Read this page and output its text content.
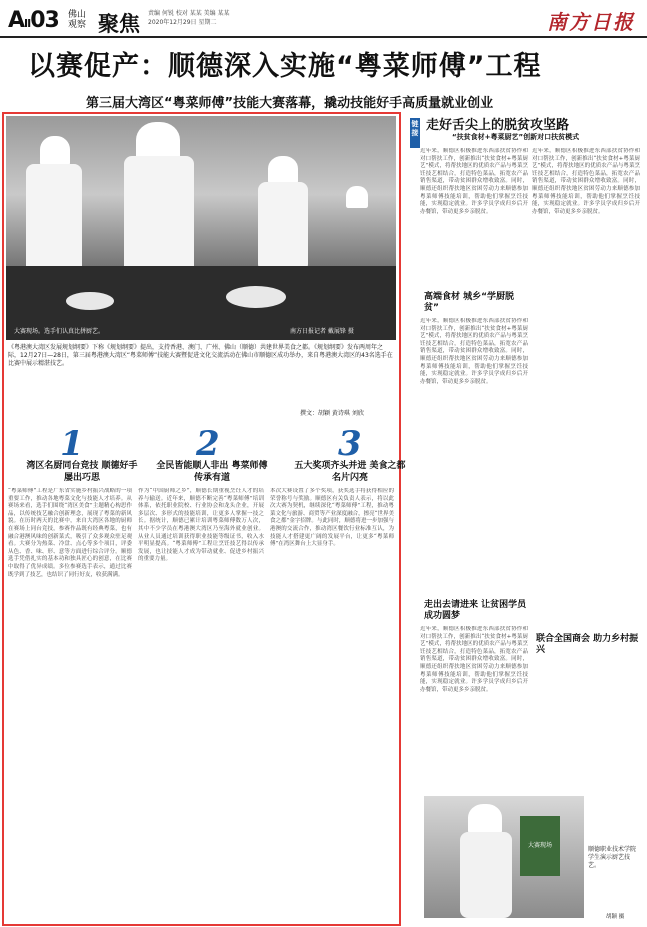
AII03 佛山观察 聚焦 责编 何锐 校对 某某 美编 某某
2020年12月29日 星期二	南方日报
以赛促产：顺德深入实施“粤菜师傅”工程
第三届大湾区“粤菜师傅”技能大赛落幕，撬动技能好手高质量就业创业
大赛现场。选手们认真比拼厨艺。	南方日报记者 戴展锋 摄
《粤港澳大湾区发展规划纲要》下称《规划纲要》提出，支持香港、澳门、广州、佛山（顺德）共建世界美食之都。《规划纲要》发布两周年之际，12月27日—28日，第三届粤港澳大湾区“粤菜师傅”技能大赛暨促进文化交流活动在佛山市顺德区成功举办，来自粤港澳大湾区的43名选手在比赛中展示精湛技艺。
撰文：胡颖 黄诗琪 刘欣
1
湾区名厨同台竞技 顺德好手屡出巧思
“粤菜师傅”工程是广东省实施乡村振兴战略的一项重要工作，推动各地粤菜文化与技能人才培养。从赛场来看，选手们围绕“湾区美食”主题精心构思作品，以传统技艺融合创新理念，展现了粤菜的新风貌。在历时两天的比赛中，来自大湾区各地的厨师在赛场上同台竞技，参赛作品既有经典粤菜，也有融合港澳风味的创新菜式，吸引了众多观众驻足观看。大赛分为热菜、冷盘、点心等多个项目，评委从色、香、味、形、意等方面进行综合评分。顺德选手凭借扎实的基本功和独具匠心的创意，在比赛中取得了优异成绩。多位参赛选手表示，通过比赛既学到了技艺，也结识了同行好友，收获满满。
2
全民皆能顺人非出 粤菜师傅传承有道
作为“中国厨师之乡”，顺德长期重视烹饪人才的培养与输送。近年来，顺德不断完善“粤菜师傅”培训体系，依托职业院校、行业协会和龙头企业，开展多层次、多形式的技能培训，让更多人掌握一技之长。据统计，顺德已累计培训粤菜师傅数万人次，其中不少学员在粤港澳大湾区乃至海外就业创业。从业人员通过培训获得职业技能等级证书，收入水平明显提高。“粤菜师傅”工程让烹饪技艺得以传承发展，也让技能人才成为带动就业、促进乡村振兴的重要力量。
3
五大奖项齐头并进 美食之都名片闪亮
本次大赛设置了多个奖项，获奖选手将获得相应的荣誉称号与奖励。顺德区有关负责人表示，将以此次大赛为契机，继续深化“粤菜师傅”工程，推动粤菜文化与旅游、商贸等产业深度融合，擦亮“世界美食之都”金字招牌。与此同时，顺德将进一步加强与港澳的交流合作，推动湾区餐饮行业标准互认，为技能人才搭建更广阔的发展平台，让更多“粤菜师傅”在湾区舞台上大显身手。
链接 走好舌尖上的脱贫攻坚路
“扶贫食材+粤菜厨艺”创新对口扶贫模式
近年来，顺德区积极推进东西部扶贫协作和对口帮扶工作，创新推出“扶贫食材+粤菜厨艺”模式，将帮扶地区的优质农产品与粤菜烹饪技艺相结合，打造特色菜品，拓宽农产品销售渠道，带动贫困群众增收致富。同时，顺德还组织帮扶地区贫困劳动力来顺德参加粤菜师傅技能培训，帮助他们掌握烹饪技能，实现稳定就业。许多学员学成归乡后开办餐馆，带动更多乡亲脱贫。
近年来，顺德区积极推进东西部扶贫协作和对口帮扶工作，创新推出“扶贫食材+粤菜厨艺”模式，将帮扶地区的优质农产品与粤菜烹饪技艺相结合，打造特色菜品，拓宽农产品销售渠道，带动贫困群众增收致富。同时，顺德还组织帮扶地区贫困劳动力来顺德参加粤菜师傅技能培训，帮助他们掌握烹饪技能，实现稳定就业。许多学员学成归乡后开办餐馆，带动更多乡亲脱贫。
高端食材 城乡“学厨脱贫”
近年来，顺德区积极推进东西部扶贫协作和对口帮扶工作，创新推出“扶贫食材+粤菜厨艺”模式，将帮扶地区的优质农产品与粤菜烹饪技艺相结合，打造特色菜品，拓宽农产品销售渠道，带动贫困群众增收致富。同时，顺德还组织帮扶地区贫困劳动力来顺德参加粤菜师傅技能培训，帮助他们掌握烹饪技能，实现稳定就业。许多学员学成归乡后开办餐馆，带动更多乡亲脱贫。
走出去请进来 让贫困学员成功圆梦
近年来，顺德区积极推进东西部扶贫协作和对口帮扶工作，创新推出“扶贫食材+粤菜厨艺”模式，将帮扶地区的优质农产品与粤菜烹饪技艺相结合，打造特色菜品，拓宽农产品销售渠道，带动贫困群众增收致富。同时，顺德还组织帮扶地区贫困劳动力来顺德参加粤菜师傅技能培训，帮助他们掌握烹饪技能，实现稳定就业。许多学员学成归乡后开办餐馆，带动更多乡亲脱贫。
联合全国商会 助力乡村振兴
大赛现场
顺德职业技术学院学生演示厨艺技艺。
胡颖 摄
